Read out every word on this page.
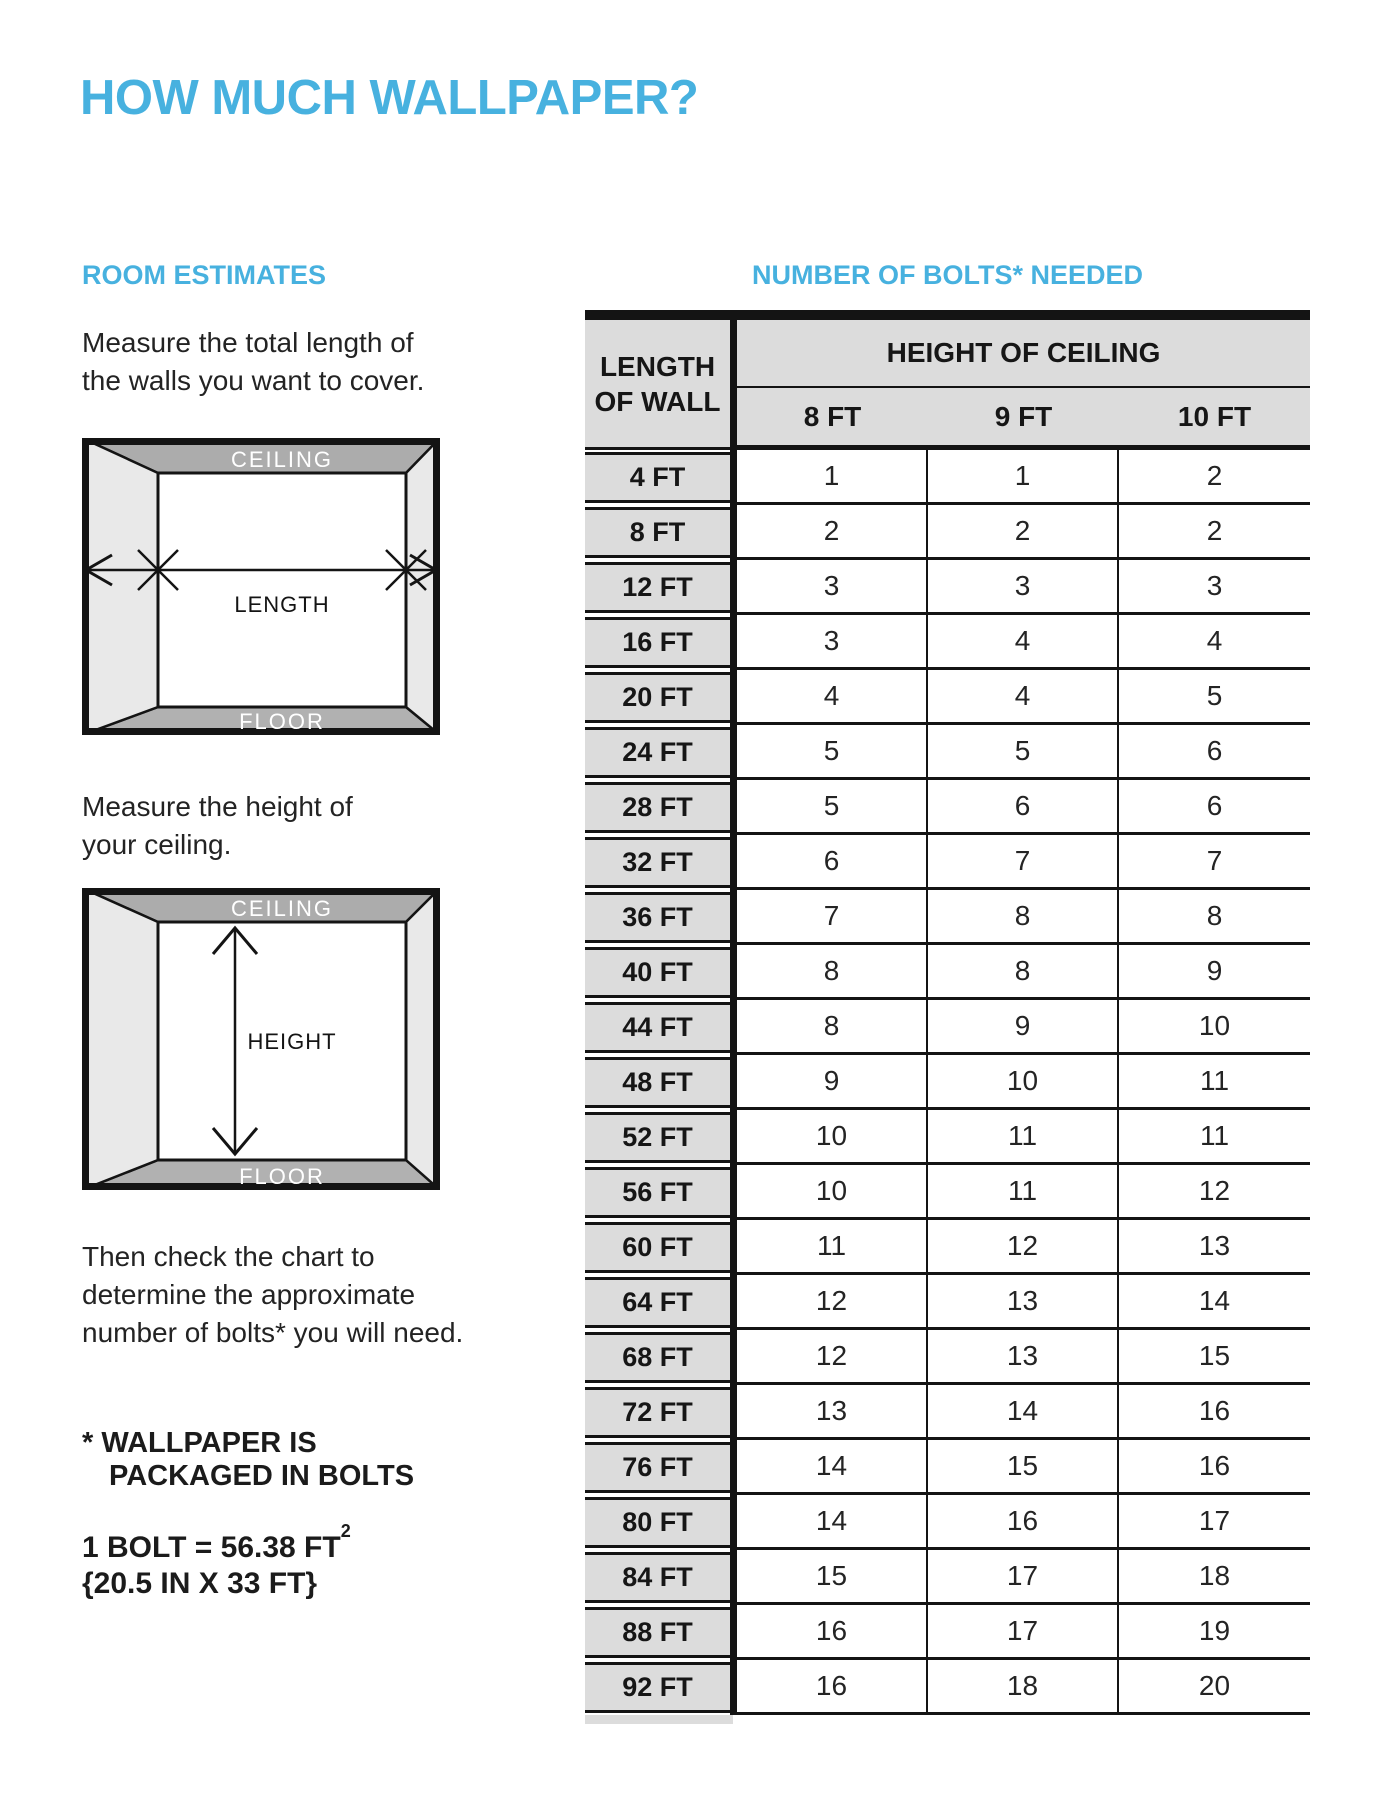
HOW MUCH WALLPAPER?
ROOM ESTIMATES

Measure the total length of
the walls you want to cover.

CEILING
FLOOR
LENGTH

Measure the height of
your ceiling.

CEILING
FLOOR
HEIGHT

Then check the chart to
determine the approximate
number of bolts* you will need.

* WALLPAPER IS
PACKAGED IN BOLTS

1 BOLT = 56.38 $FT^2$
{20.5 IN X 33 FT}

NUMBER OF BOLTS* NEEDED
LENGTH
OF WALL
HEIGHT OF CEILING
8 FT	9 FT	10 FT
4 FT	1	1	2
8 FT	2	2	2
12 FT	3	3	3
16 FT	3	4	4
20 FT	4	4	5
24 FT	5	5	6
28 FT	5	6	6
32 FT	6	7	7
36 FT	7	8	8
40 FT	8	8	9
44 FT	8	9	10
48 FT	9	10	11
52 FT	10	11	11
56 FT	10	11	12
60 FT	11	12	13
64 FT	12	13	14
68 FT	12	13	15
72 FT	13	14	16
76 FT	14	15	16
80 FT	14	16	17
84 FT	15	17	18
88 FT	16	17	19
92 FT	16	18	20
